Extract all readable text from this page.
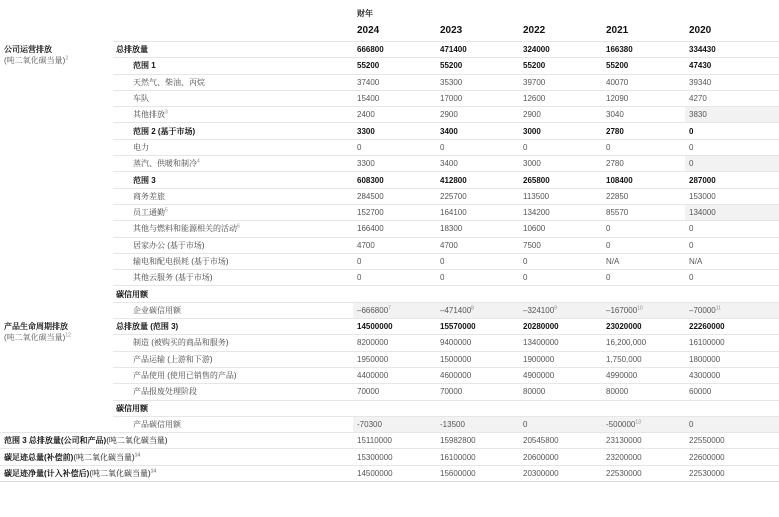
财年
2024	2023	2022	2021	2020
公司运营排放
(吨二氧化碳当量)$^2$	总排放量	666800	471400	324000	166380	334430
	范围 1	55200	55200	55200	55200	47430
	天然气、柴油、丙烷	37400	35300	39700	40070	39340
	车队	15400	17000	12600	12090	4270
	其他排放$^3$	2400	2900	2900	3040	3830
	范围 2 (基于市场)	3300	3400	3000	2780	0
	电力	0	0	0	0	0
	蒸汽、供暖和制冷$^4$	3300	3400	3000	2780	0
	范围 3	608300	412800	265800	108400	287000
	商务差旅	284500	225700	113500	22850	153000
	员工通勤$^5$	152700	164100	134200	85570	134000
	其他与燃料和能源相关的活动$^6$	166400	18300	10600	0	0
	居家办公 (基于市场)	4700	4700	7500	0	0
	输电和配电损耗 (基于市场)	0	0	0	N/A	N/A
	其他云服务 (基于市场)	0	0	0	0	0
	碳信用额					
	企业碳信用额	–666800$^7$	–471400$^8$	–324100$^9$	–167000$^{10}$	–70000$^{11}$
产品生命周期排放
(吨二氧化碳当量)$^{12}$	总排放量 (范围 3)	14500000	15570000	20280000	23020000	22260000
	制造 (被购买的商品和服务)	8200000	9400000	13400000	16,200,000	16100000
	产品运输 (上游和下游)	1950000	1500000	1900000	1,750,000	1800000
	产品使用 (使用已销售的产品)	4400000	4600000	4900000	4990000	4300000
	产品报废处理阶段	70000	70000	80000	80000	60000
	碳信用额					
	产品碳信用额	-70300	-13500	0	-500000$^{13}$	0
范围 3 总排放量(公司和产品)(吨二氧化碳当量)		15110000	15982800	20545800	23130000	22550000
碳足迹总量(补偿前)(吨二氧化碳当量)$^{14}$		15300000	16100000	20600000	23200000	22600000
碳足迹净量(计入补偿后)(吨二氧化碳当量)$^{14}$		14500000	15600000	20300000	22530000	22530000
